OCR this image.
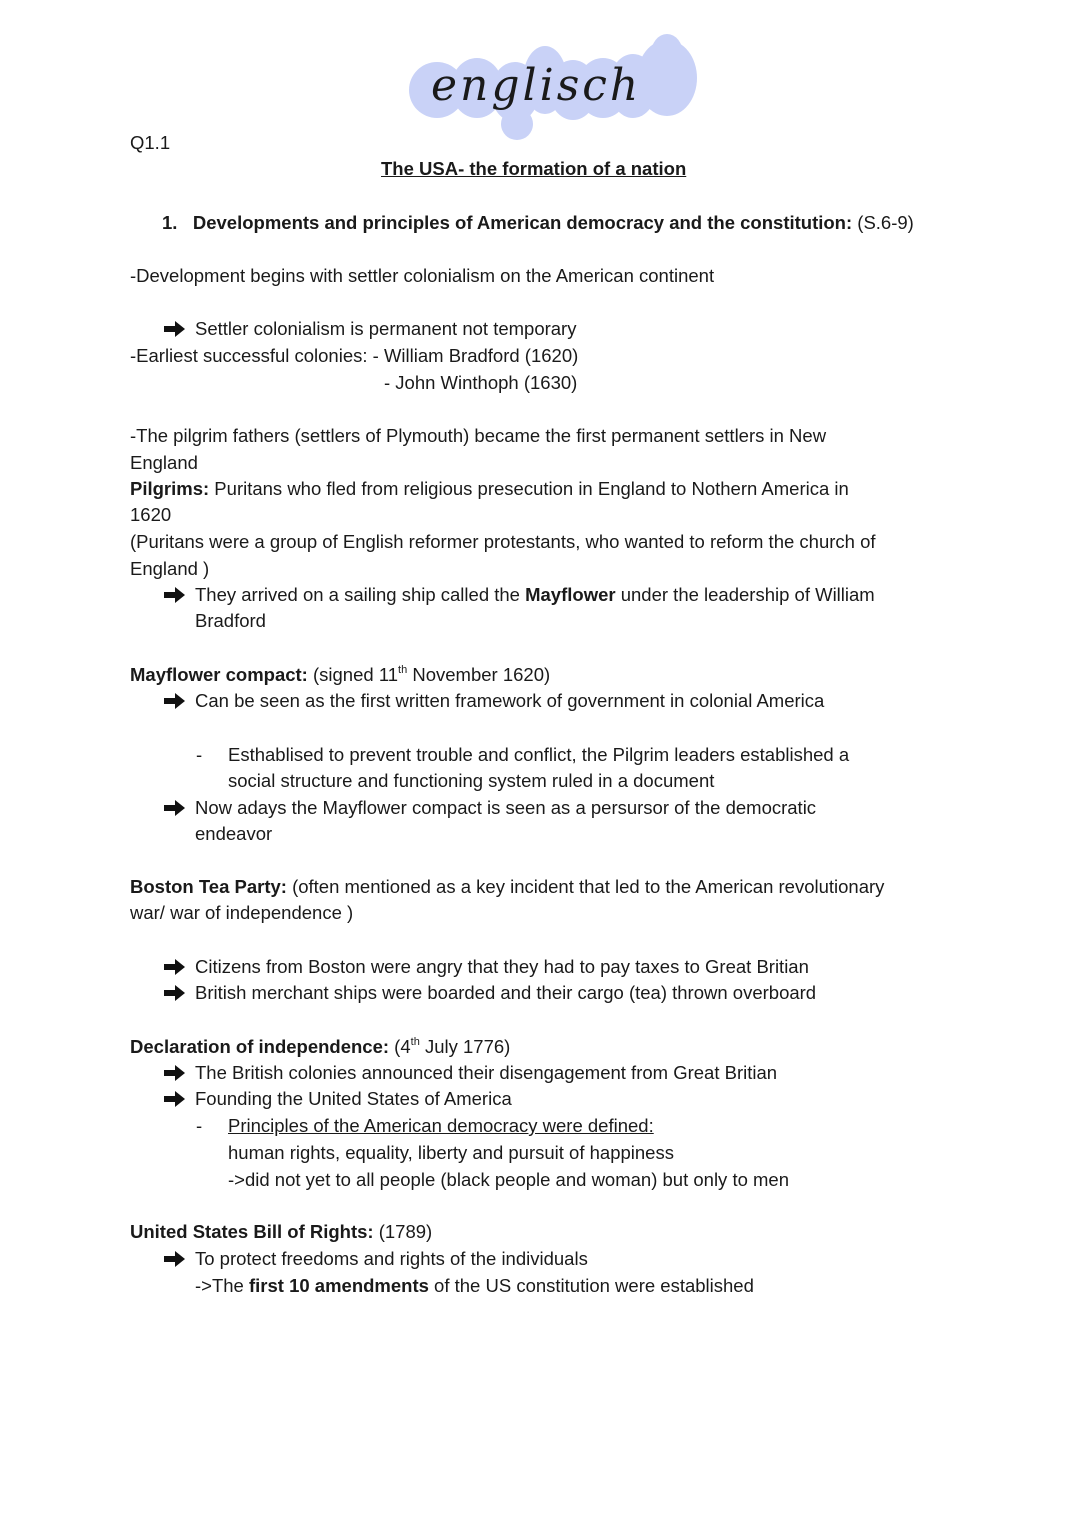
englisch
Q1.1
The USA- the formation of a nation
1. Developments and principles of American democracy and the constitution: (S.6-9)
-Development begins with settler colonialism on the American continent
Settler colonialism is permanent not temporary
-Earliest successful colonies: - William Bradford (1620)
- John Winthoph (1630)
-The pilgrim fathers (settlers of Plymouth) became the first permanent settlers in New
England
Pilgrims: Puritans who fled from religious presecution in England to Nothern America in
1620
(Puritans were a group of English reformer protestants, who wanted to reform the church of
England )
They arrived on a sailing ship called the Mayflower under the leadership of William
Bradford
Mayflower compact: (signed 11th November 1620)
Can be seen as the first written framework of government in colonial America
- Esthablised to prevent trouble and conflict, the Pilgrim leaders established a
social structure and functioning system ruled in a document
Now adays the Mayflower compact is seen as a persursor of the democratic
endeavor
Boston Tea Party: (often mentioned as a key incident that led to the American revolutionary
war/ war of independence )
Citizens from Boston were angry that they had to pay taxes to Great Britian
British merchant ships were boarded and their cargo (tea) thrown overboard
Declaration of independence: (4th July 1776)
The British colonies announced their disengagement from Great Britian
Founding the United States of America
- Principles of the American democracy were defined:
human rights, equality, liberty and pursuit of happiness
->did not yet to all people (black people and woman) but only to men
United States Bill of Rights: (1789)
To protect freedoms and rights of the individuals
->The first 10 amendments of the US constitution were established
